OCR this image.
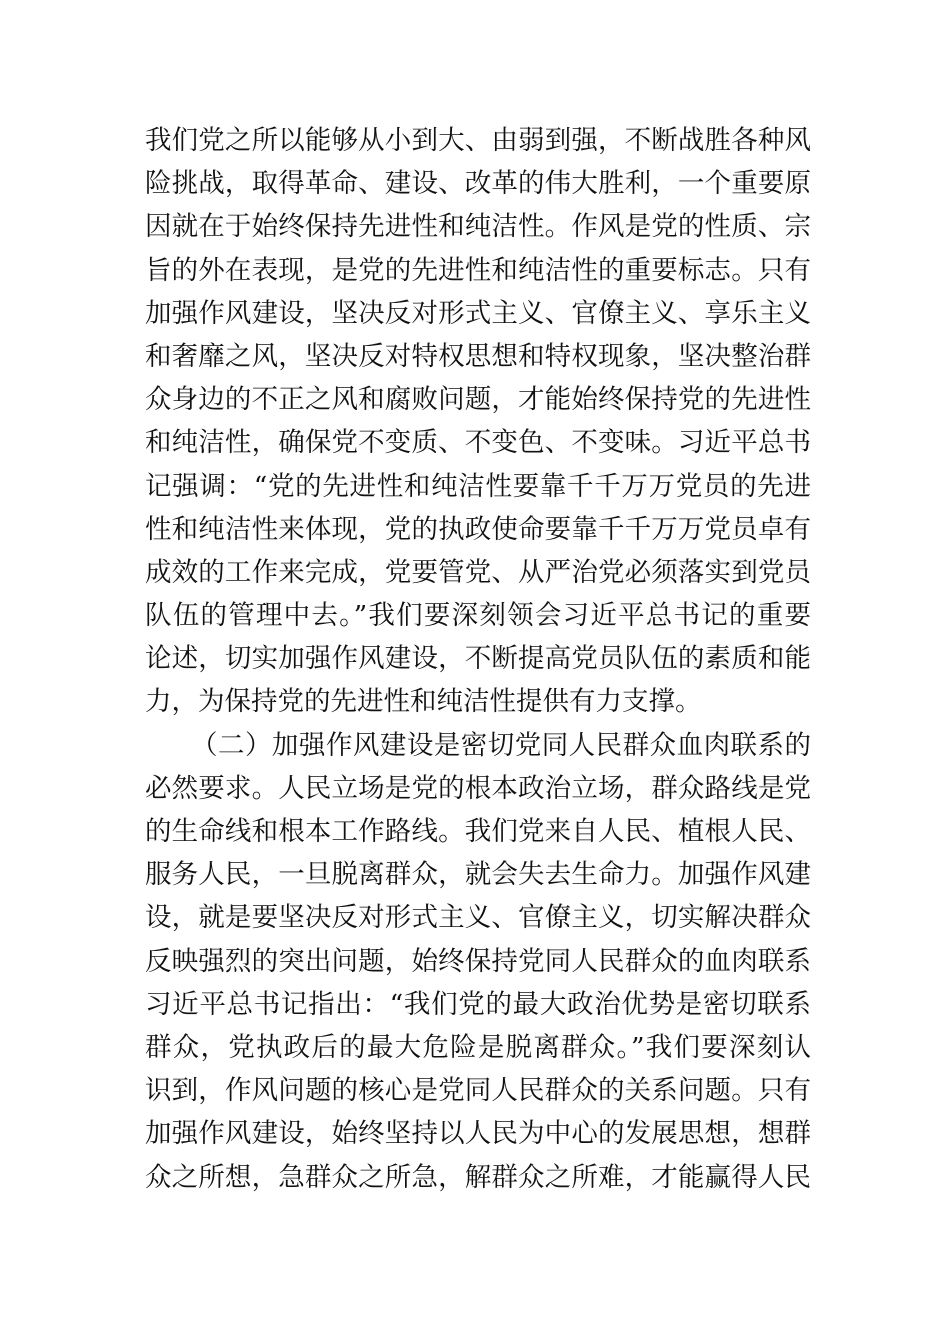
我们党之所以能够从小到大、由弱到强，不断战胜各种风
险挑战，取得革命、建设、改革的伟大胜利，一个重要原
因就在于始终保持先进性和纯洁性。作风是党的性质、宗
旨的外在表现，是党的先进性和纯洁性的重要标志。只有
加强作风建设，坚决反对形式主义、官僚主义、享乐主义
和奢靡之风，坚决反对特权思想和特权现象，坚决整治群
众身边的不正之风和腐败问题，才能始终保持党的先进性
和纯洁性，确保党不变质、不变色、不变味。习近平总书
记强调：“党的先进性和纯洁性要靠千千万万党员的先进
性和纯洁性来体现，党的执政使命要靠千千万万党员卓有
成效的工作来完成，党要管党、从严治党必须落实到党员
队伍的管理中去。”我们要深刻领会习近平总书记的重要
论述，切实加强作风建设，不断提高党员队伍的素质和能
力，为保持党的先进性和纯洁性提供有力支撑。
（二）加强作风建设是密切党同人民群众血肉联系的
必然要求。人民立场是党的根本政治立场，群众路线是党
的生命线和根本工作路线。我们党来自人民、植根人民、
服务人民，一旦脱离群众，就会失去生命力。加强作风建
设，就是要坚决反对形式主义、官僚主义，切实解决群众
反映强烈的突出问题，始终保持党同人民群众的血肉联系
习近平总书记指出：“我们党的最大政治优势是密切联系
群众，党执政后的最大危险是脱离群众。”我们要深刻认
识到，作风问题的核心是党同人民群众的关系问题。只有
加强作风建设，始终坚持以人民为中心的发展思想，想群
众之所想，急群众之所急，解群众之所难，才能赢得人民
